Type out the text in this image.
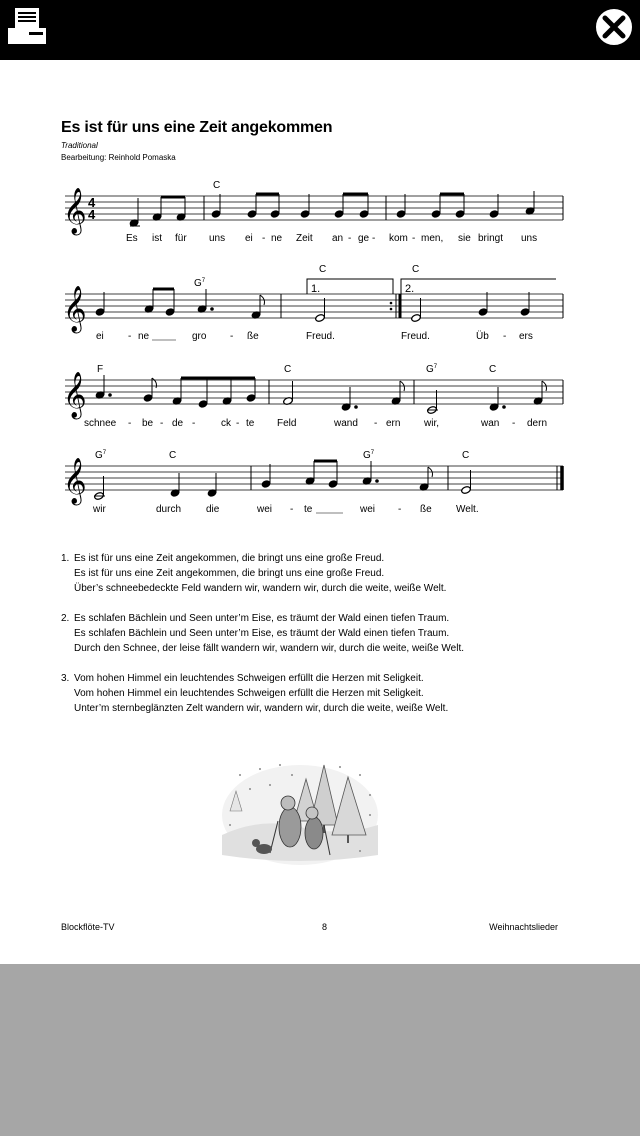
Es ist für uns eine Zeit angekommen
Traditional
Bearbeitung: Reinhold Pomaska
𝄞 4
4
C
Es ist für uns ei - ne Zeit an - ge - kom - men, sie bringt uns
𝄞	1.	2.
$G^7$
C	C
ei - ne	gro - ße	Freud.	Freud.	Üb - ers
𝄞
F	C	$G^7$	C
schnee - be - de -	ck - te Feld	wand - ern wir,	wan - dern
𝄞
$G^7$	C	$G^7$	C
wir	durch die	wei - te	wei - ße Welt.
1. Es ist für uns eine Zeit angekommen, die bringt uns eine große Freud.
Es ist für uns eine Zeit angekommen, die bringt uns eine große Freud.
Über’s schneebedeckte Feld wandern wir, wandern wir, durch die weite, weiße Welt.
2. Es schlafen Bächlein und Seen unter’m Eise, es träumt der Wald einen tiefen Traum.
Es schlafen Bächlein und Seen unter’m Eise, es träumt der Wald einen tiefen Traum.
Durch den Schnee, der leise fällt wandern wir, wandern wir, durch die weite, weiße Welt.
3. Vom hohen Himmel ein leuchtendes Schweigen erfüllt die Herzen mit Seligkeit.
Vom hohen Himmel ein leuchtendes Schweigen erfüllt die Herzen mit Seligkeit.
Unter’m sternbeglänzten Zelt wandern wir, wandern wir, durch die weite, weiße Welt.
Blockflöte-TV	8	Weihnachtslieder
